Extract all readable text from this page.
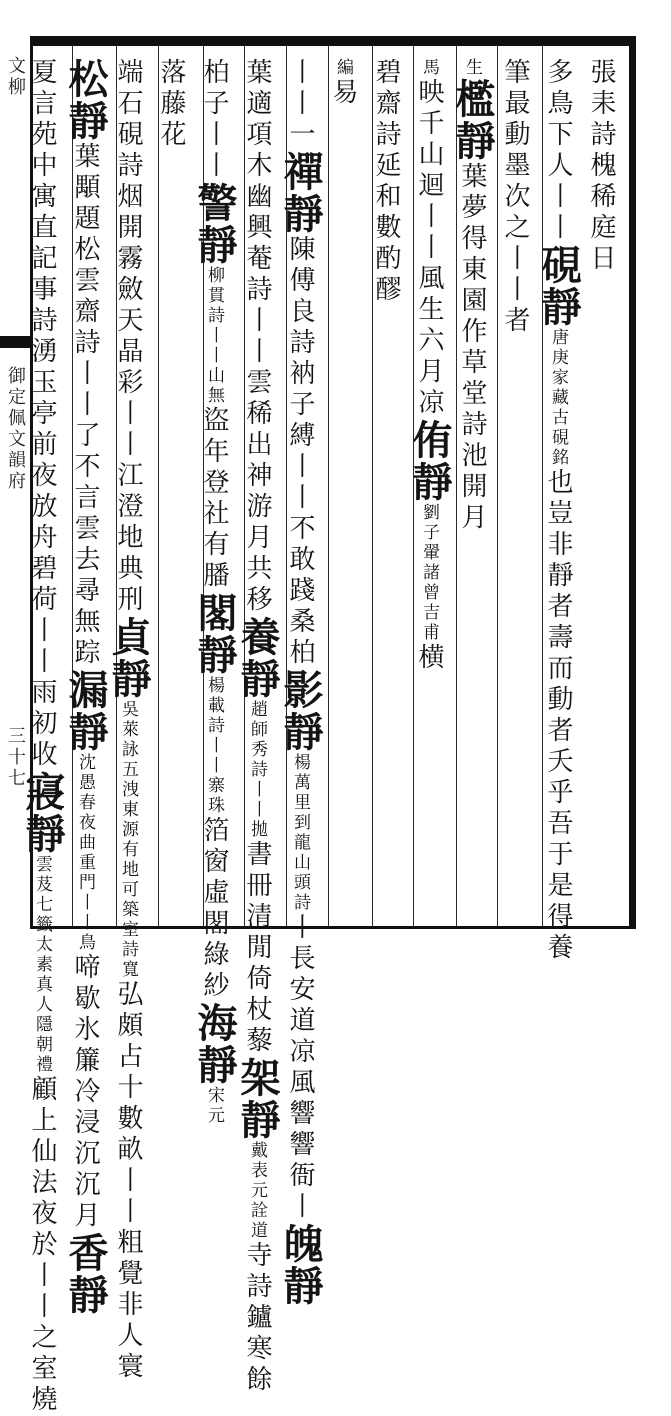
文柳
御定佩文韻府
三十七
張耒詩槐稀庭日
多鳥下人丨丨硯靜唐庚家藏古硯銘也豈非靜者壽而動者夭乎吾于是得養
筆最動墨次之丨丨者
生檻靜葉夢得東園作草堂詩池開月
馬映千山迴丨丨風生六月凉侑靜劉子翬諸曾吉甫横
碧齋詩延和數酌醪
編易
丨丨一禪靜陳傅良詩衲子縛丨丨不敢踐桑柏影靜楊萬里到龍山頭詩丨長安道凉風響響衙丨魄靜
葉適項木幽興菴詩丨丨雲稀出神游月共移養靜趙師秀詩丨丨拋書冊清閒倚杖藜架靜戴表元詮道寺詩鑪寒餘
柏子丨丨警靜柳貫詩丨丨山無盜年登社有膰閣靜楊載詩丨丨寨珠箔窗虛閣綠紗海靜宋元
落藤花
端石硯詩烟開霧斂天晶彩丨丨江澄地典刑貞靜吳萊詠五洩東源有地可築室詩寬弘頗占十數畝丨丨粗覺非人寰
松靜葉顒題松雲齋詩丨丨了不言雲去尋無踪漏靜沈愚春夜曲重門丨丨鳥啼歇氷簾冷浸沉沉月香靜
夏言苑中寓直記事詩湧玉亭前夜放舟碧荷丨丨雨初收寢靜雲芨七籤太素真人隱朝禮顧上仙法夜於丨丨之室燒
